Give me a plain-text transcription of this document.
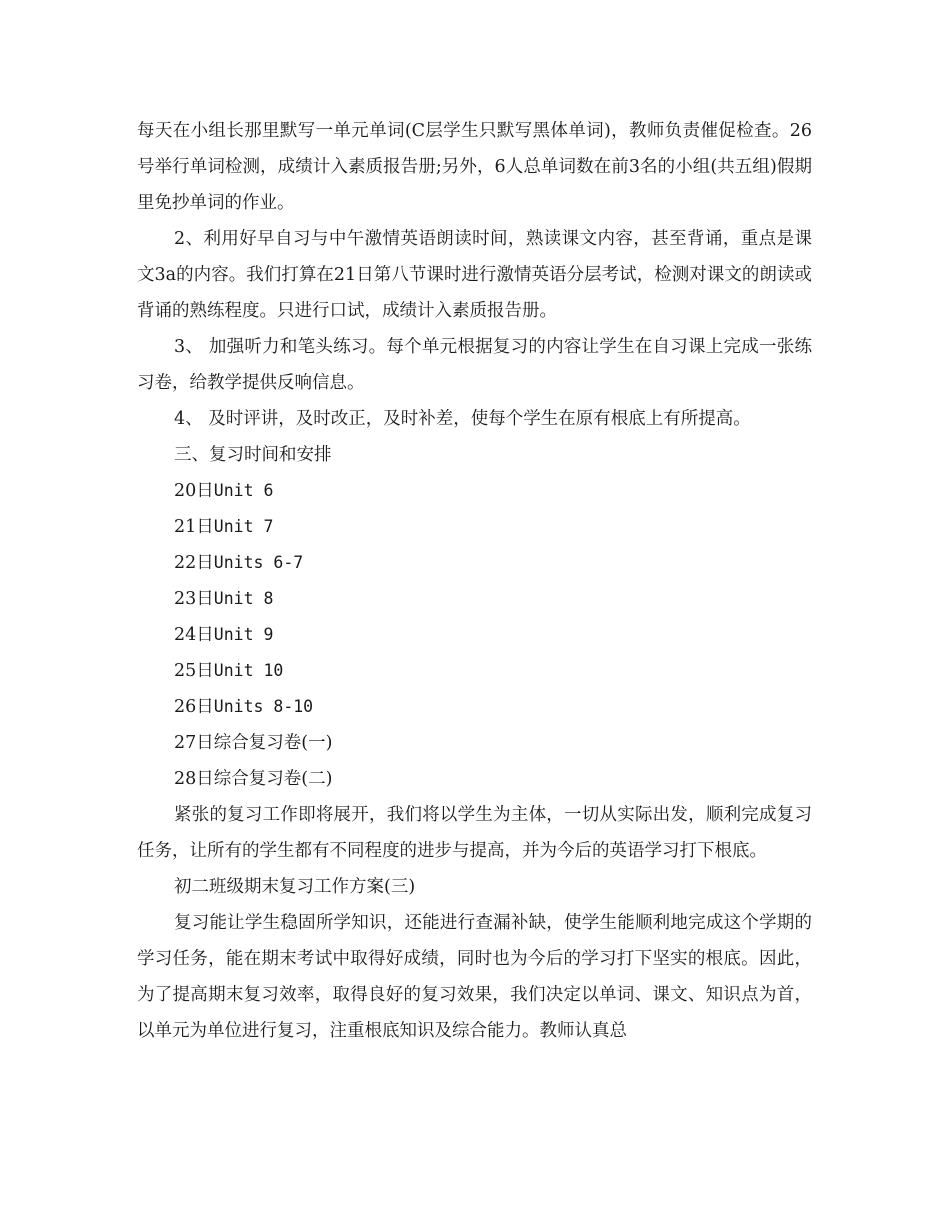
每天在小组长那里默写一单元单词(C层学生只默写黑体单词)，教师负责催促检查。26号举行单词检测，成绩计入素质报告册;另外，6人总单词数在前3名的小组(共五组)假期里免抄单词的作业。

2、利用好早自习与中午激情英语朗读时间，熟读课文内容，甚至背诵，重点是课文3a的内容。我们打算在21日第八节课时进行激情英语分层考试，检测对课文的朗读或背诵的熟练程度。只进行口试，成绩计入素质报告册。

3、 加强听力和笔头练习。每个单元根据复习的内容让学生在自习课上完成一张练习卷，给教学提供反响信息。

4、 及时评讲，及时改正，及时补差，使每个学生在原有根底上有所提高。

三、复习时间和安排

20日Unit 6

21日Unit 7

22日Units 6-7

23日Unit 8

24日Unit 9

25日Unit 10

26日Units 8-10

27日综合复习卷(一)

28日综合复习卷(二)

紧张的复习工作即将展开，我们将以学生为主体，一切从实际出发，顺利完成复习任务，让所有的学生都有不同程度的进步与提高，并为今后的英语学习打下根底。

初二班级期末复习工作方案(三)

复习能让学生稳固所学知识，还能进行查漏补缺，使学生能顺利地完成这个学期的学习任务，能在期末考试中取得好成绩，同时也为今后的学习打下坚实的根底。因此，为了提高期末复习效率，取得良好的复习效果，我们决定以单词、课文、知识点为首，以单元为单位进行复习，注重根底知识及综合能力。教师认真总
